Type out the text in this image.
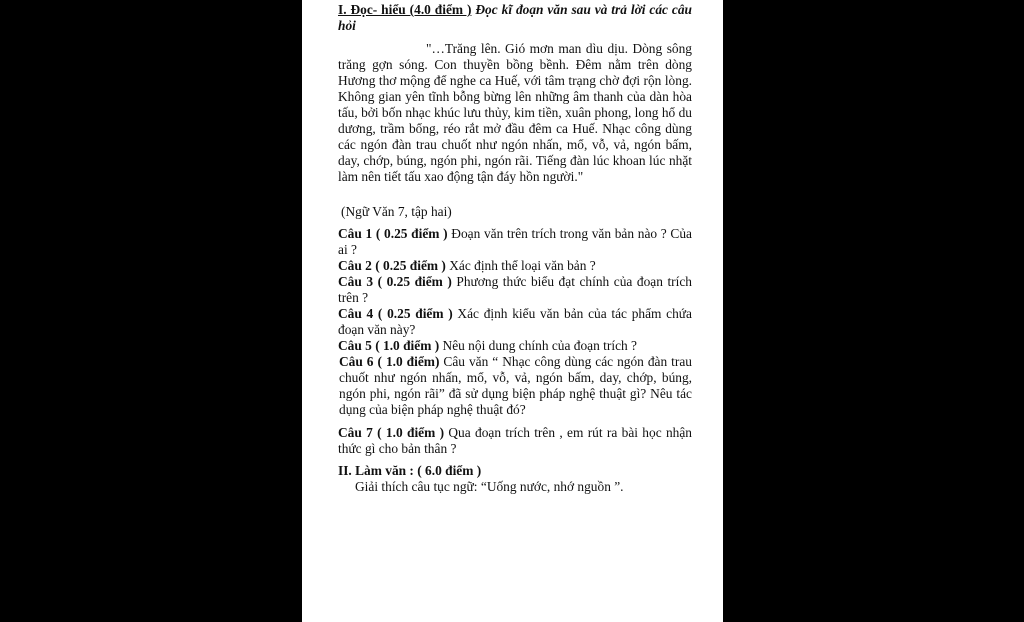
I. Đọc- hiểu (4.0 điểm ) Đọc kĩ đoạn văn sau và trả lời các câu hỏi
"…Trăng lên. Gió mơn man dìu dịu. Dòng sông trăng gợn sóng. Con thuyền bồng bềnh. Đêm nằm trên dòng Hương thơ mộng để nghe ca Huế, với tâm trạng chờ đợi rộn lòng. Không gian yên tĩnh bỗng bừng lên những âm thanh của dàn hòa tấu, bởi bốn nhạc khúc lưu thủy, kim tiền, xuân phong, long hổ du dương, trầm bổng, réo rắt mở đầu đêm ca Huế. Nhạc công dùng các ngón đàn trau chuốt như ngón nhấn, mổ, vỗ, vả, ngón bấm, day, chớp, búng, ngón phi, ngón rãi. Tiếng đàn lúc khoan lúc nhặt làm nên tiết tấu xao động tận đáy hồn người."
(Ngữ Văn 7, tập hai)
Câu 1 ( 0.25 điểm ) Đoạn văn trên trích trong văn bản nào ? Của ai ?
Câu 2 ( 0.25 điểm ) Xác định thể loại văn bản ?
Câu 3 ( 0.25 điểm ) Phương thức biểu đạt chính của đoạn trích trên ?
Câu 4 ( 0.25 điểm ) Xác định kiểu văn bản của tác phẩm chứa đoạn văn này?
Câu 5 ( 1.0 điểm ) Nêu nội dung chính của đoạn trích ?
Câu 6 ( 1.0 điểm) Câu văn “ Nhạc công dùng các ngón đàn trau chuốt như ngón nhấn, mổ, vỗ, vả, ngón bấm, day, chớp, búng, ngón phi, ngón rãi” đã sử dụng biện pháp nghệ thuật gì? Nêu tác dụng của biện pháp nghệ thuật đó?
Câu 7 ( 1.0 điểm ) Qua đoạn trích trên , em rút ra bài học nhận thức gì cho bản thân ?
II. Làm văn : ( 6.0 điểm )
Giải thích câu tục ngữ: “Uống nước, nhớ nguồn ”.
